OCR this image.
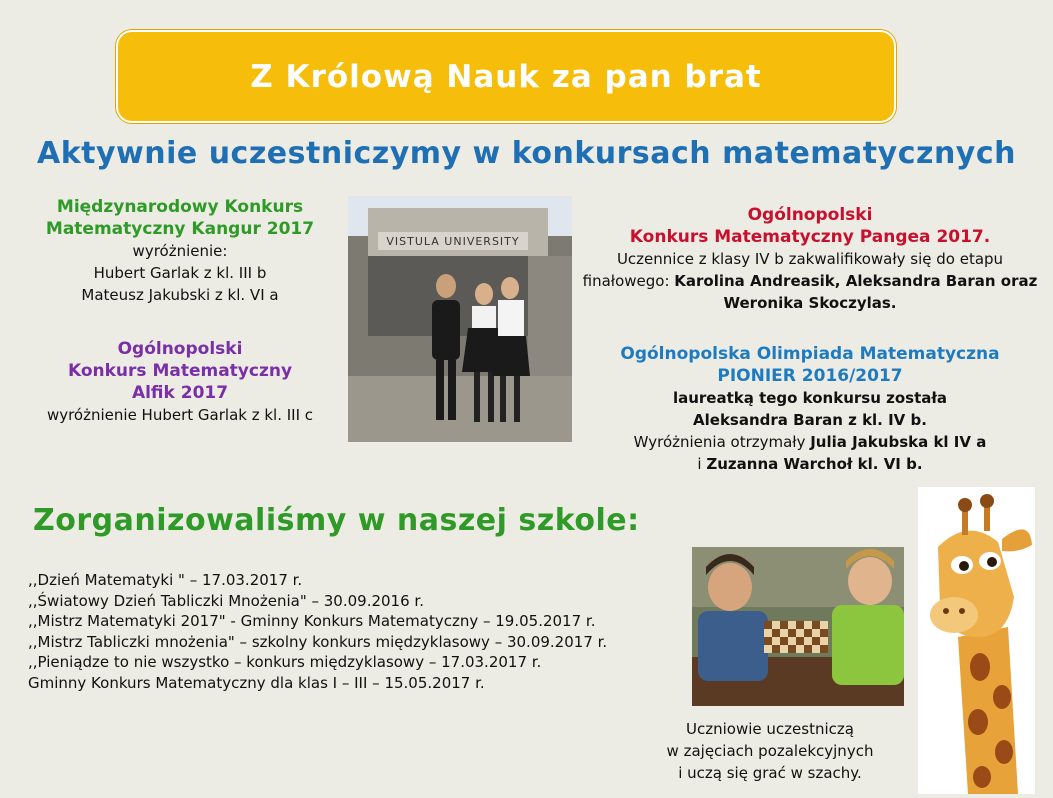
Z Królową Nauk za pan brat
Aktywnie uczestniczymy w konkursach matematycznych
Międzynarodowy Konkurs
Matematyczny Kangur 2017
wyróżnienie:
Hubert Garlak z kl. III b
Mateusz Jakubski z kl. VI a
Ogólnopolski
Konkurs Matematyczny
Alfik 2017
wyróżnienie Hubert Garlak z kl. III c
VISTULA UNIVERSITY
Ogólnopolski
Konkurs Matematyczny Pangea 2017.
Uczennice z klasy IV b zakwalifikowały się do etapu
finałowego: Karolina Andreasik, Aleksandra Baran oraz
Weronika Skoczylas.
Ogólnopolska Olimpiada Matematyczna
PIONIER 2016/2017
laureatką tego konkursu została
Aleksandra Baran z kl. IV b.
Wyróżnienia otrzymały Julia Jakubska kl IV a
i Zuzanna Warchoł kl. VI b.
Zorganizowaliśmy w naszej szkole:
,,Dzień Matematyki " – 17.03.2017 r.
,,Światowy Dzień Tabliczki Mnożenia" – 30.09.2016 r.
,,Mistrz Matematyki 2017" - Gminny Konkurs Matematyczny – 19.05.2017 r.
,,Mistrz Tabliczki mnożenia" – szkolny konkurs międzyklasowy – 30.09.2017 r.
,,Pieniądze to nie wszystko – konkurs międzyklasowy – 17.03.2017 r.
Gminny Konkurs Matematyczny dla klas I – III – 15.05.2017 r.
Uczniowie uczestniczą
w zajęciach pozalekcyjnych
i uczą się grać w szachy.
